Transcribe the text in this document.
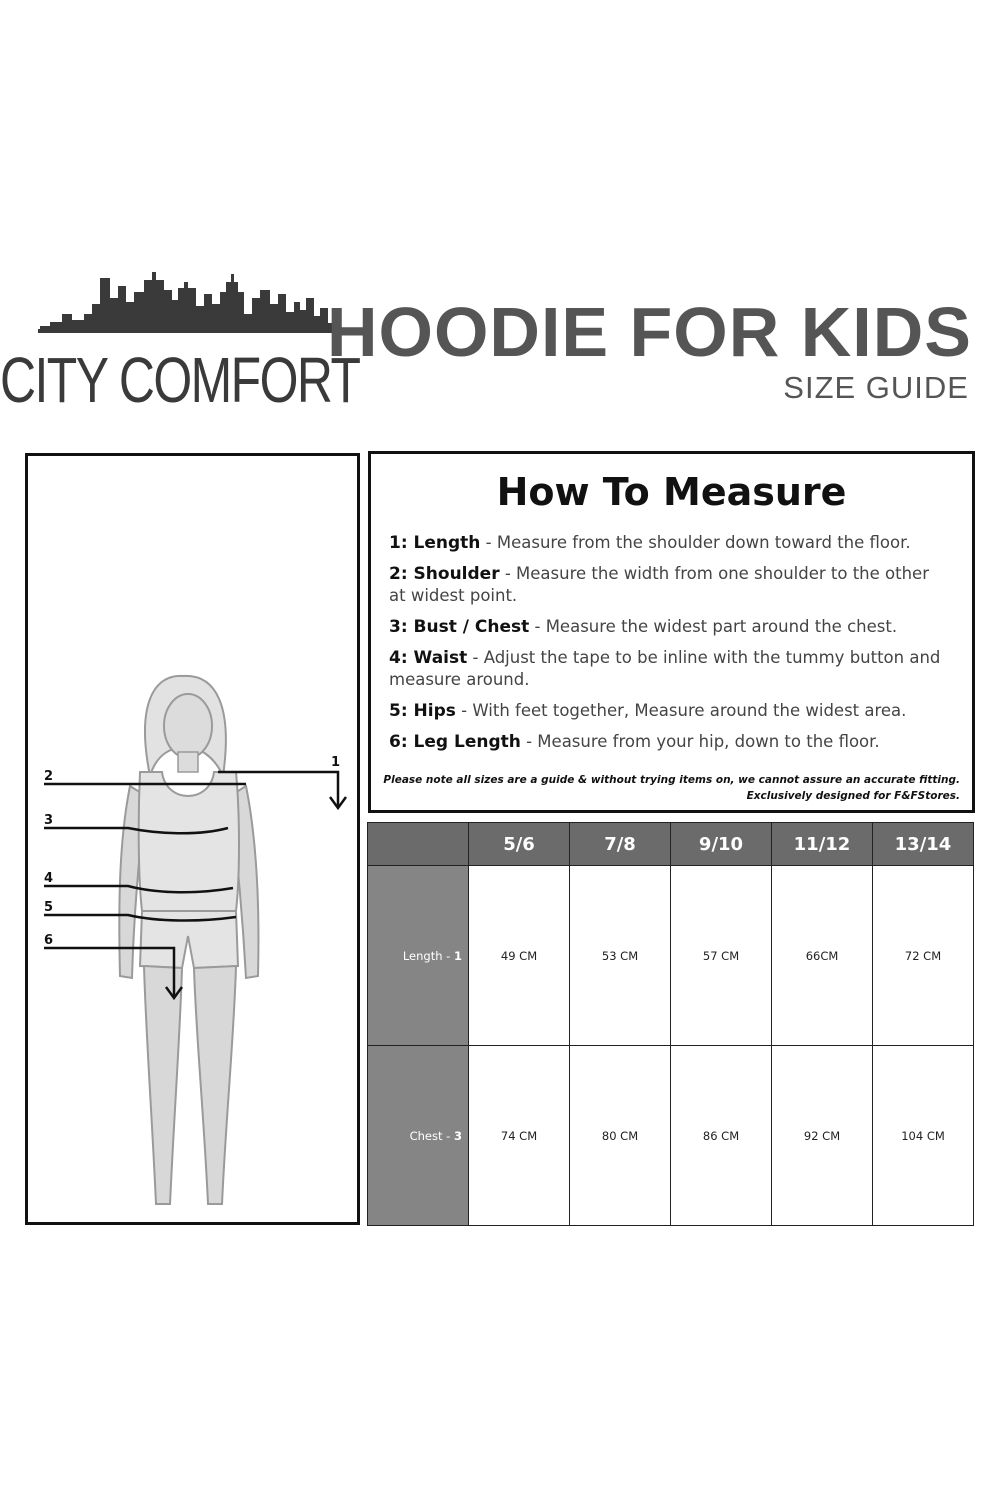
CITY COMFORT
HOODIE FOR KIDS
SIZE GUIDE
1
2
3
4
5
6
How To Measure
1: Length - Measure from the shoulder down toward the floor.
2: Shoulder - Measure the width from one shoulder to the other at widest point.
3: Bust / Chest - Measure the widest part around the chest.
4: Waist - Adjust the tape to be inline with the tummy button and measure around.
5: Hips - With feet together, Measure around the widest area.
6: Leg Length - Measure from your hip, down to the floor.
Please note all sizes are a guide & without trying items on, we cannot assure an accurate fitting.
Exclusively designed for F&FStores.
	5/6	7/8	9/10	11/12	13/14
Length - 1	49 CM	53 CM	57 CM	66CM	72 CM
Chest - 3	74 CM	80 CM	86 CM	92 CM	104 CM
